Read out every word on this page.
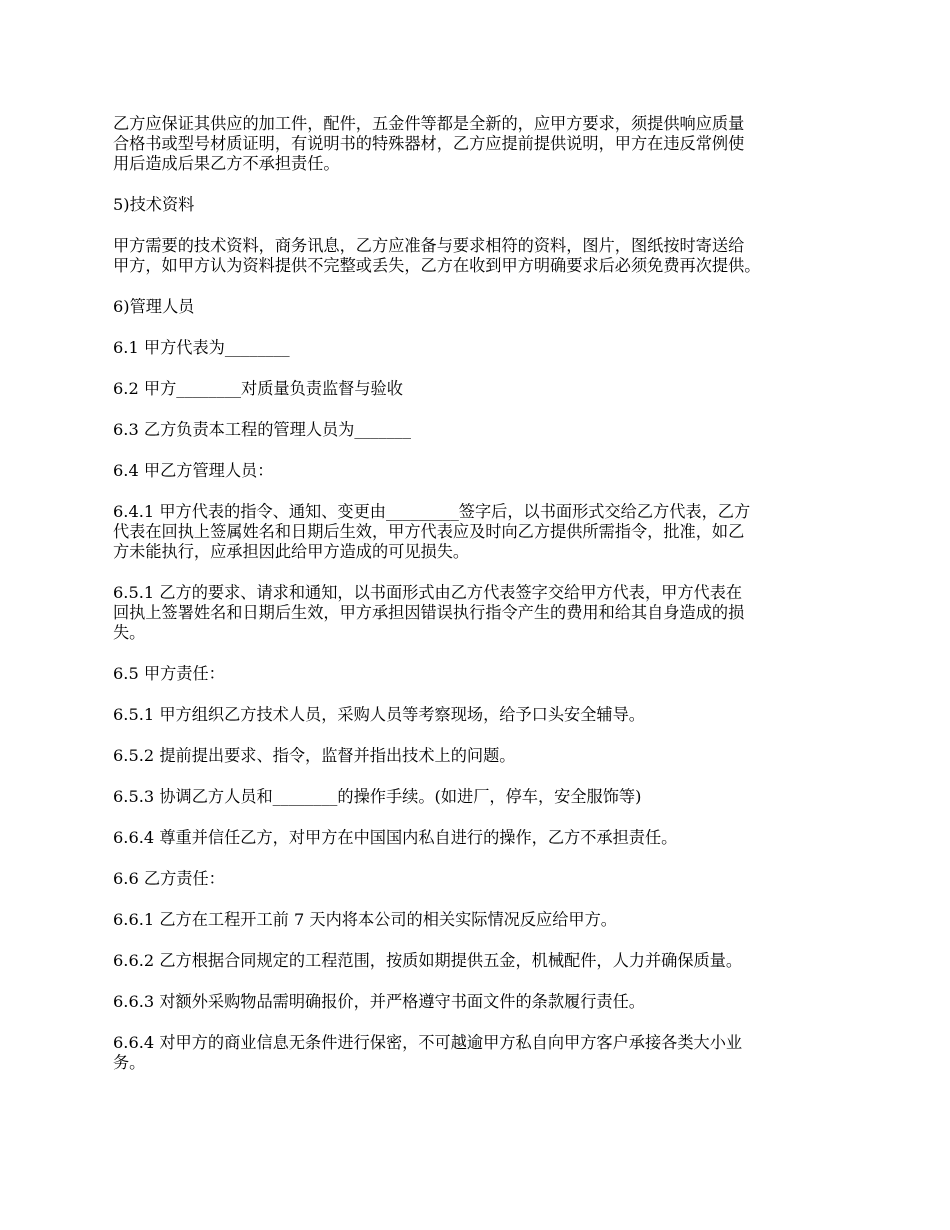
乙方应保证其供应的加工件，配件，五金件等都是全新的，应甲方要求，须提供响应质量
合格书或型号材质证明，有说明书的特殊器材，乙方应提前提供说明，甲方在违反常例使
用后造成后果乙方不承担责任。
5)技术资料
甲方需要的技术资料，商务讯息，乙方应准备与要求相符的资料，图片，图纸按时寄送给
甲方，如甲方认为资料提供不完整或丢失，乙方在收到甲方明确要求后必须免费再次提供。
6)管理人员
6.1 甲方代表为________
6.2 甲方________对质量负责监督与验收
6.3 乙方负责本工程的管理人员为_______
6.4 甲乙方管理人员：
6.4.1 甲方代表的指令、通知、变更由_________签字后，以书面形式交给乙方代表，乙方
代表在回执上签属姓名和日期后生效，甲方代表应及时向乙方提供所需指令，批准，如乙
方未能执行，应承担因此给甲方造成的可见损失。
6.5.1 乙方的要求、请求和通知，以书面形式由乙方代表签字交给甲方代表，甲方代表在
回执上签署姓名和日期后生效，甲方承担因错误执行指令产生的费用和给其自身造成的损
失。
6.5 甲方责任：
6.5.1 甲方组织乙方技术人员，采购人员等考察现场，给予口头安全辅导。
6.5.2 提前提出要求、指令，监督并指出技术上的问题。
6.5.3 协调乙方人员和________的操作手续。(如进厂，停车，安全服饰等)
6.6.4 尊重并信任乙方，对甲方在中国国内私自进行的操作，乙方不承担责任。
6.6 乙方责任：
6.6.1 乙方在工程开工前 7 天内将本公司的相关实际情况反应给甲方。
6.6.2 乙方根据合同规定的工程范围，按质如期提供五金，机械配件，人力并确保质量。
6.6.3 对额外采购物品需明确报价，并严格遵守书面文件的条款履行责任。
6.6.4 对甲方的商业信息无条件进行保密，不可越逾甲方私自向甲方客户承接各类大小业
务。
